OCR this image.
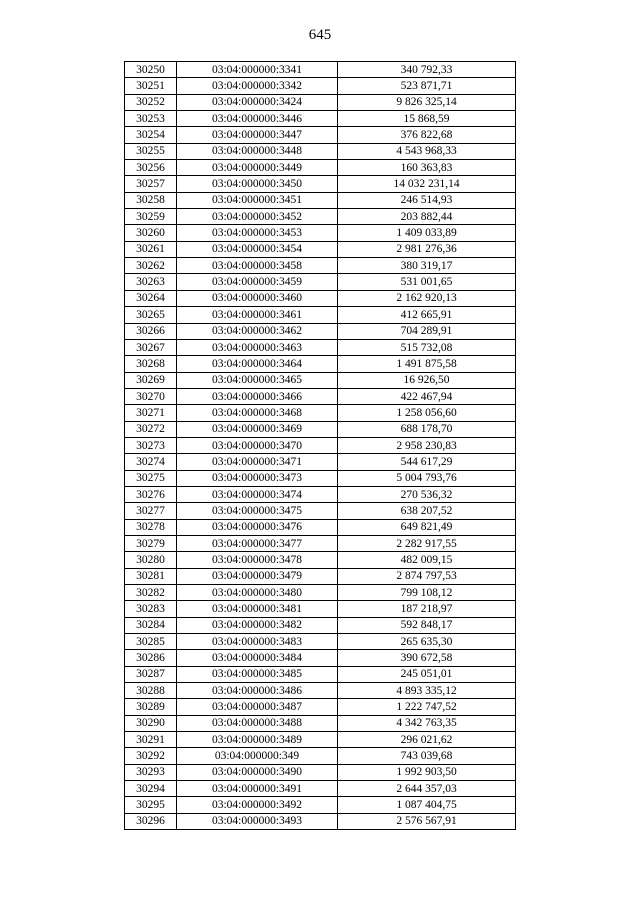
645
30250	03:04:000000:3341	340 792,33
30251	03:04:000000:3342	523 871,71
30252	03:04:000000:3424	9 826 325,14
30253	03:04:000000:3446	15 868,59
30254	03:04:000000:3447	376 822,68
30255	03:04:000000:3448	4 543 968,33
30256	03:04:000000:3449	160 363,83
30257	03:04:000000:3450	14 032 231,14
30258	03:04:000000:3451	246 514,93
30259	03:04:000000:3452	203 882,44
30260	03:04:000000:3453	1 409 033,89
30261	03:04:000000:3454	2 981 276,36
30262	03:04:000000:3458	380 319,17
30263	03:04:000000:3459	531 001,65
30264	03:04:000000:3460	2 162 920,13
30265	03:04:000000:3461	412 665,91
30266	03:04:000000:3462	704 289,91
30267	03:04:000000:3463	515 732,08
30268	03:04:000000:3464	1 491 875,58
30269	03:04:000000:3465	16 926,50
30270	03:04:000000:3466	422 467,94
30271	03:04:000000:3468	1 258 056,60
30272	03:04:000000:3469	688 178,70
30273	03:04:000000:3470	2 958 230,83
30274	03:04:000000:3471	544 617,29
30275	03:04:000000:3473	5 004 793,76
30276	03:04:000000:3474	270 536,32
30277	03:04:000000:3475	638 207,52
30278	03:04:000000:3476	649 821,49
30279	03:04:000000:3477	2 282 917,55
30280	03:04:000000:3478	482 009,15
30281	03:04:000000:3479	2 874 797,53
30282	03:04:000000:3480	799 108,12
30283	03:04:000000:3481	187 218,97
30284	03:04:000000:3482	592 848,17
30285	03:04:000000:3483	265 635,30
30286	03:04:000000:3484	390 672,58
30287	03:04:000000:3485	245 051,01
30288	03:04:000000:3486	4 893 335,12
30289	03:04:000000:3487	1 222 747,52
30290	03:04:000000:3488	4 342 763,35
30291	03:04:000000:3489	296 021,62
30292	03:04:000000:349	743 039,68
30293	03:04:000000:3490	1 992 903,50
30294	03:04:000000:3491	2 644 357,03
30295	03:04:000000:3492	1 087 404,75
30296	03:04:000000:3493	2 576 567,91
